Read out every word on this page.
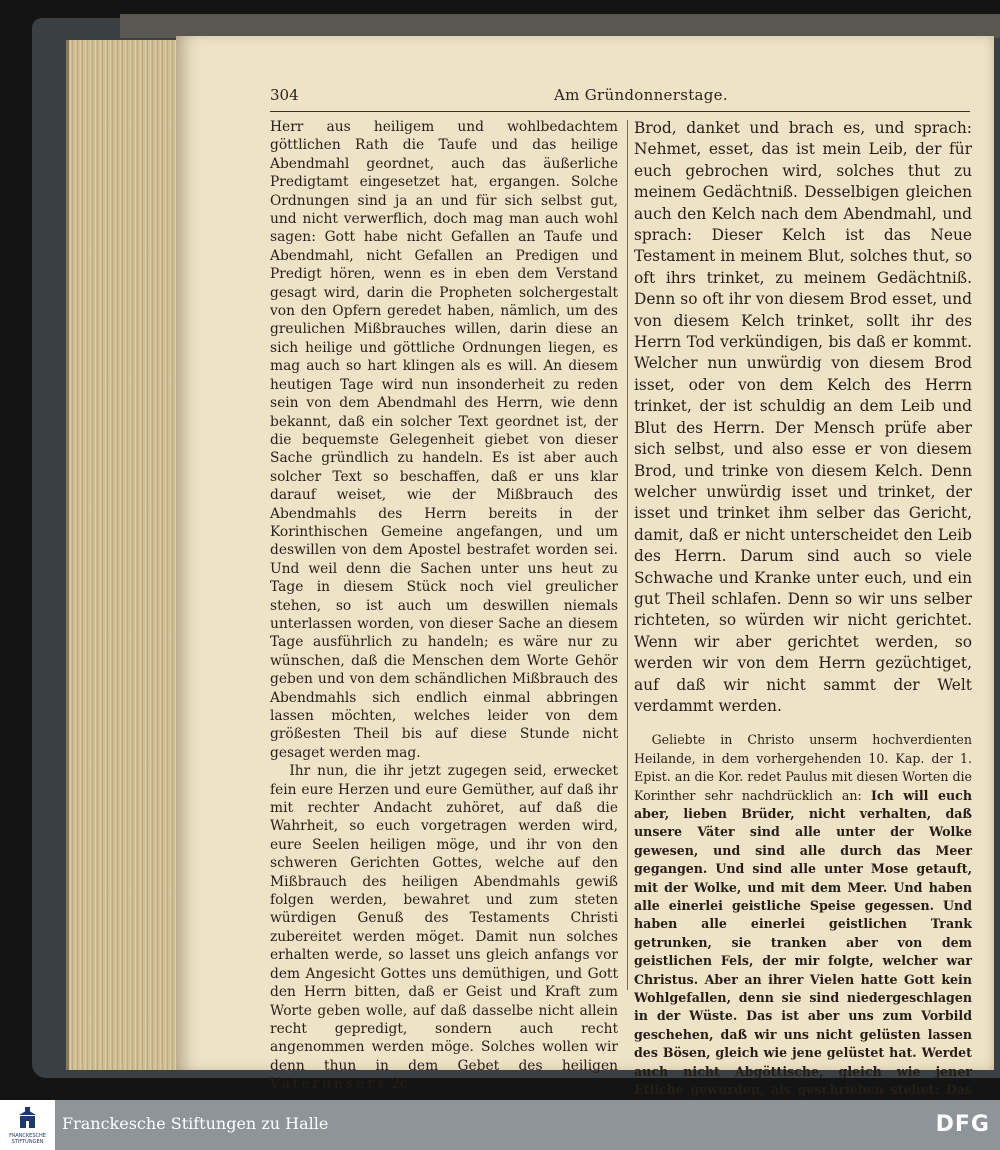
304	Am Gründonnerstage.

Herr aus heiligem und wohlbedachtem göttlichen Rath die Taufe und das heilige Abendmahl geordnet, auch das äußerliche Predigtamt eingesetzet hat, ergangen. Solche Ordnungen sind ja an und für sich selbst gut, und nicht verwerflich, doch mag man auch wohl sagen: Gott habe nicht Gefallen an Taufe und Abendmahl, nicht Gefallen an Predigen und Predigt hören, wenn es in eben dem Verstand gesagt wird, darin die Propheten solchergestalt von den Opfern geredet haben, nämlich, um des greulichen Mißbrauches willen, darin diese an sich heilige und göttliche Ordnungen liegen, es mag auch so hart klingen als es will. An diesem heutigen Tage wird nun insonderheit zu reden sein von dem Abendmahl des Herrn, wie denn bekannt, daß ein solcher Text geordnet ist, der die bequemste Gelegenheit giebet von dieser Sache gründlich zu handeln. Es ist aber auch solcher Text so beschaffen, daß er uns klar darauf weiset, wie der Mißbrauch des Abendmahls des Herrn bereits in der Korinthischen Gemeine angefangen, und um deswillen von dem Apostel bestrafet worden sei. Und weil denn die Sachen unter uns heut zu Tage in diesem Stück noch viel greulicher stehen, so ist auch um deswillen niemals unterlassen worden, von dieser Sache an diesem Tage ausführlich zu handeln; es wäre nur zu wünschen, daß die Menschen dem Worte Gehör geben und von dem schändlichen Mißbrauch des Abendmahls sich endlich einmal abbringen lassen möchten, welches leider von dem größesten Theil bis auf diese Stunde nicht gesaget werden mag.

Ihr nun, die ihr jetzt zugegen seid, erwecket fein eure Herzen und eure Gemüther, auf daß ihr mit rechter Andacht zuhöret, auf daß die Wahrheit, so euch vorgetragen werden wird, eure Seelen heiligen möge, und ihr von den schweren Gerichten Gottes, welche auf den Mißbrauch des heiligen Abendmahls gewiß folgen werden, bewahret und zum steten würdigen Genuß des Testaments Christi zubereitet werden möget. Damit nun solches erhalten werde, so lasset uns gleich anfangs vor dem Angesicht Gottes uns demüthigen, und Gott den Herrn bitten, daß er Geist und Kraft zum Worte geben wolle, auf daß dasselbe nicht allein recht gepredigt, sondern auch recht angenommen werden möge. Solches wollen wir denn thun in dem Gebet des heiligen Vaterunsers 2c.

Brod, danket und brach es, und sprach: Nehmet, esset, das ist mein Leib, der für euch gebrochen wird, solches thut zu meinem Gedächtniß. Desselbigen gleichen auch den Kelch nach dem Abendmahl, und sprach: Dieser Kelch ist das Neue Testament in meinem Blut, solches thut, so oft ihrs trinket, zu meinem Gedächtniß. Denn so oft ihr von diesem Brod esset, und von diesem Kelch trinket, sollt ihr des Herrn Tod verkündigen, bis daß er kommt. Welcher nun unwürdig von diesem Brod isset, oder von dem Kelch des Herrn trinket, der ist schuldig an dem Leib und Blut des Herrn. Der Mensch prüfe aber sich selbst, und also esse er von diesem Brod, und trinke von diesem Kelch. Denn welcher unwürdig isset und trinket, der isset und trinket ihm selber das Gericht, damit, daß er nicht unterscheidet den Leib des Herrn. Darum sind auch so viele Schwache und Kranke unter euch, und ein gut Theil schlafen. Denn so wir uns selber richteten, so würden wir nicht gerichtet. Wenn wir aber gerichtet werden, so werden wir von dem Herrn gezüchtiget, auf daß wir nicht sammt der Welt verdammt werden.

Geliebte in Christo unserm hochverdienten Heilande, in dem vorhergehenden 10. Kap. der 1. Epist. an die Kor. redet Paulus mit diesen Worten die Korinther sehr nachdrücklich an: Ich will euch aber, lieben Brüder, nicht verhalten, daß unsere Väter sind alle unter der Wolke gewesen, und sind alle durch das Meer gegangen. Und sind alle unter Mose getauft, mit der Wolke, und mit dem Meer. Und haben alle einerlei geistliche Speise gegessen. Und haben alle einerlei geistlichen Trank getrunken, sie tranken aber von dem geistlichen Fels, der mir folgte, welcher war Christus. Aber an ihrer Vielen hatte Gott kein Wohlgefallen, denn sie sind niedergeschlagen in der Wüste. Das ist aber uns zum Vorbild geschehen, daß wir uns nicht gelüsten lassen des Bösen, gleich wie jene gelüstet hat. Werdet auch nicht Abgöttische, gleich wie jener Etliche gewurden, als geschrieben stehet: Das

FRANCKESCHE STIFTUNGEN
Franckesche Stiftungen zu Halle	DFG
